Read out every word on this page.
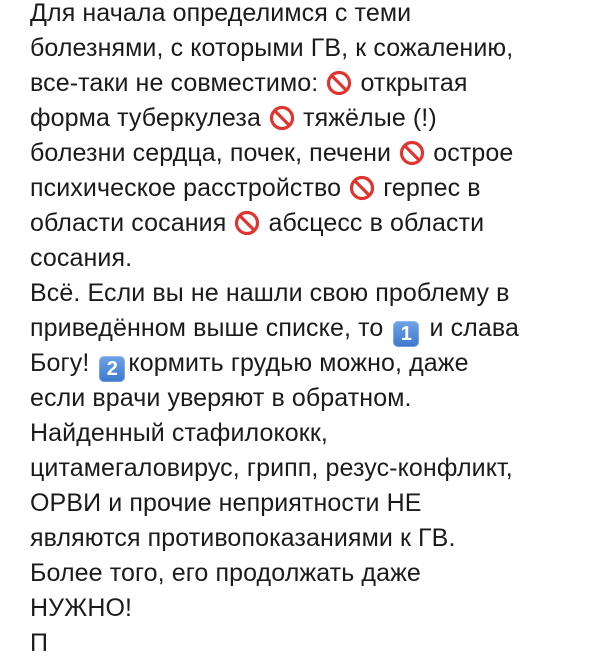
Для начала определимся с теми
болезнями, с которыми ГВ, к сожалению,
все-таки не совместимо: открытая
форма туберкулеза тяжёлые (!)
болезни сердца, почек, печени острое
психическое расстройство герпес в
области сосания абсцесс в области
сосания.
Всё. Если вы не нашли свою проблему в
приведённом выше списке, то 1 и слава
Богу! 2 кормить грудью можно, даже
если врачи уверяют в обратном.
Найденный стафилококк,
цитамегаловирус, грипп, резус-конфликт,
ОРВИ и прочие неприятности НЕ
являются противопоказаниями к ГВ.
Более того, его продолжать даже
НУЖНО!
П
